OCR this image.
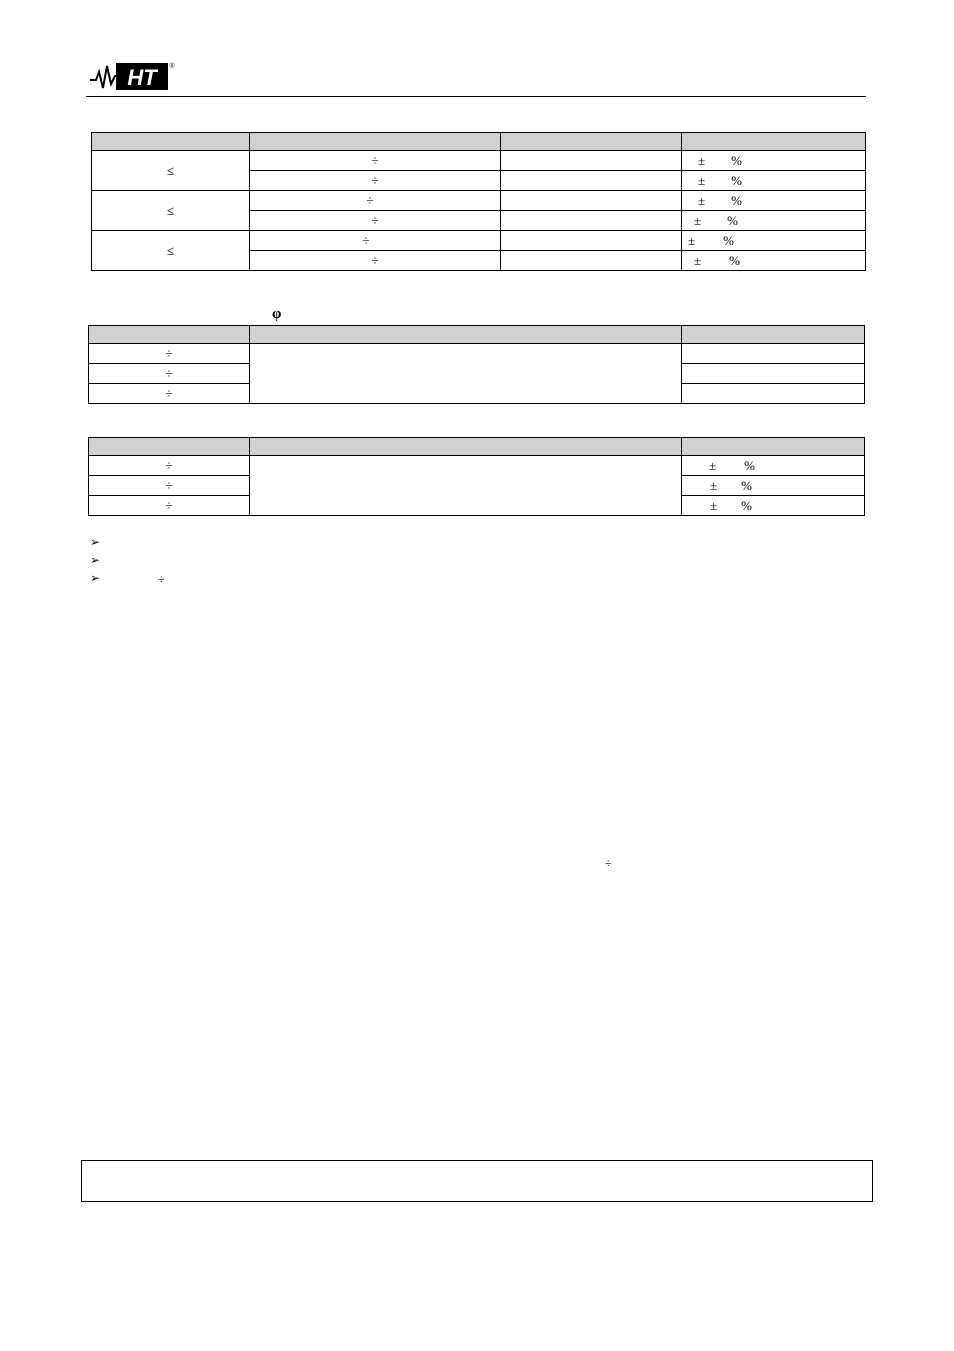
HT ®

≤	÷		± %
	÷		± %
≤	÷		± %
	÷		± %
≤	÷		± %
	÷		± %
φ

÷		
÷		
÷		

÷		± %
÷		± %
÷		± %
➢
➢
➢	÷
÷
